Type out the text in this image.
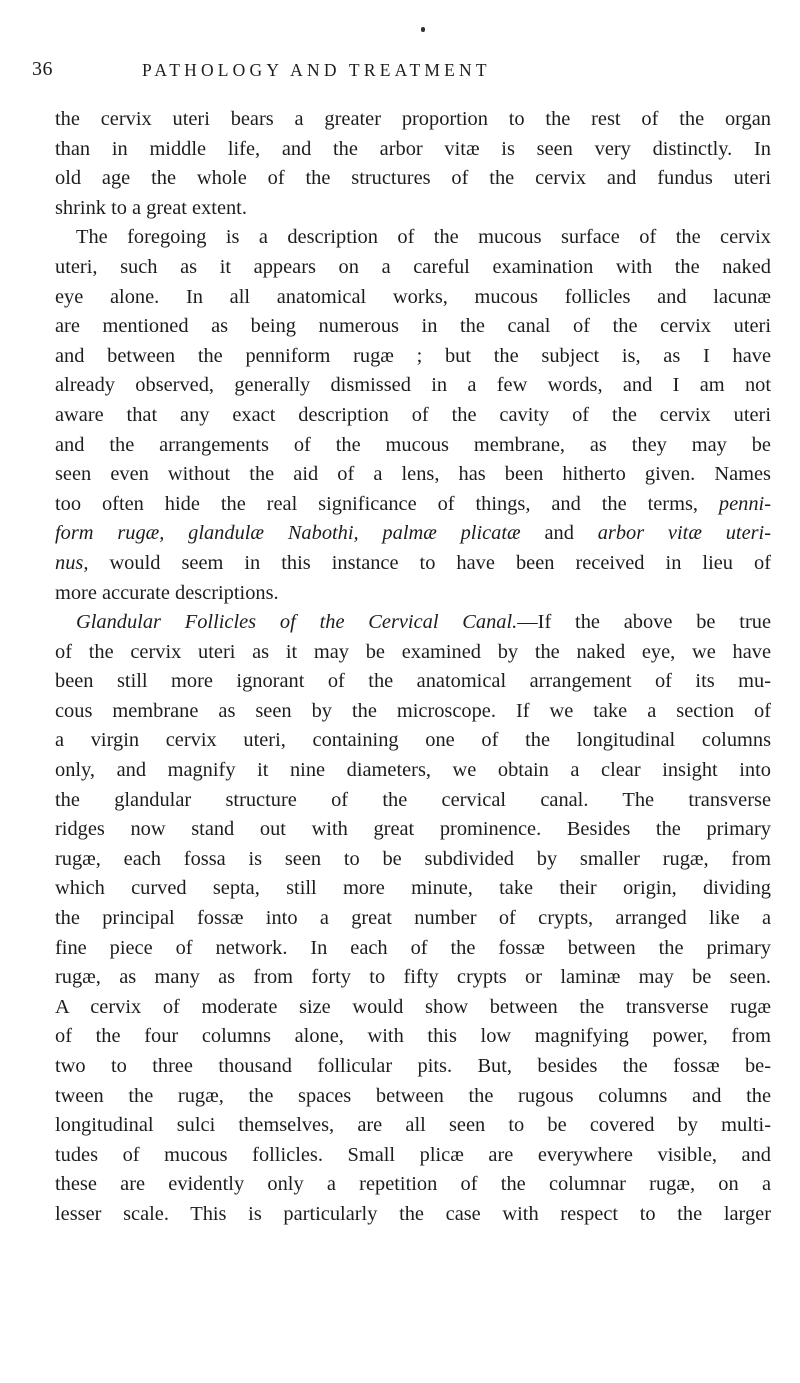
36	PATHOLOGY AND TREATMENT
the cervix uteri bears a greater proportion to the rest of the organ
than in middle life, and the arbor vitæ is seen very distinctly. In
old age the whole of the structures of the cervix and fundus uteri
shrink to a great extent.
The foregoing is a description of the mucous surface of the cervix
uteri, such as it appears on a careful examination with the naked
eye alone. In all anatomical works, mucous follicles and lacunæ
are mentioned as being numerous in the canal of the cervix uteri
and between the penniform rugæ ; but the subject is, as I have
already observed, generally dismissed in a few words, and I am not
aware that any exact description of the cavity of the cervix uteri
and the arrangements of the mucous membrane, as they may be
seen even without the aid of a lens, has been hitherto given. Names
too often hide the real significance of things, and the terms, penni-
form rugæ, glandulæ Nabothi, palmæ plicatæ and arbor vitæ uteri-
nus, would seem in this instance to have been received in lieu of
more accurate descriptions.
Glandular Follicles of the Cervical Canal.—If the above be true
of the cervix uteri as it may be examined by the naked eye, we have
been still more ignorant of the anatomical arrangement of its mu-
cous membrane as seen by the microscope. If we take a section of
a virgin cervix uteri, containing one of the longitudinal columns
only, and magnify it nine diameters, we obtain a clear insight into
the glandular structure of the cervical canal. The transverse
ridges now stand out with great prominence. Besides the primary
rugæ, each fossa is seen to be subdivided by smaller rugæ, from
which curved septa, still more minute, take their origin, dividing
the principal fossæ into a great number of crypts, arranged like a
fine piece of network. In each of the fossæ between the primary
rugæ, as many as from forty to fifty crypts or laminæ may be seen.
A cervix of moderate size would show between the transverse rugæ
of the four columns alone, with this low magnifying power, from
two to three thousand follicular pits. But, besides the fossæ be-
tween the rugæ, the spaces between the rugous columns and the
longitudinal sulci themselves, are all seen to be covered by multi-
tudes of mucous follicles. Small plicæ are everywhere visible, and
these are evidently only a repetition of the columnar rugæ, on a
lesser scale. This is particularly the case with respect to the larger
